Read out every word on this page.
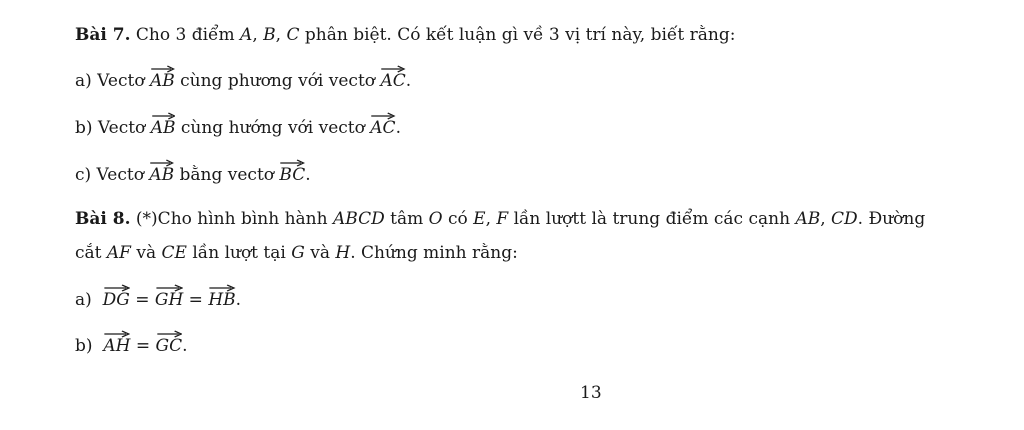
Bài 7. Cho 3 điểm A, B, C phân biệt. Có kết luận gì về 3 vị trí này, biết rằng:
a) Vectơ
AB cùng phương với vectơ
AC.
b) Vectơ
AB cùng hướng với vectơ
AC.
c) Vectơ
AB bằng vectơ
BC.
Bài 8. (*)Cho hình bình hành ABCD tâm O có E, F lần lượtt là trung điểm các cạnh AB, CD. Đường
cắt AF và CE lần lượt tại G và H. Chứng minh rằng:
a) DG =
GH =
HB.
b) AH =
GC.
13
